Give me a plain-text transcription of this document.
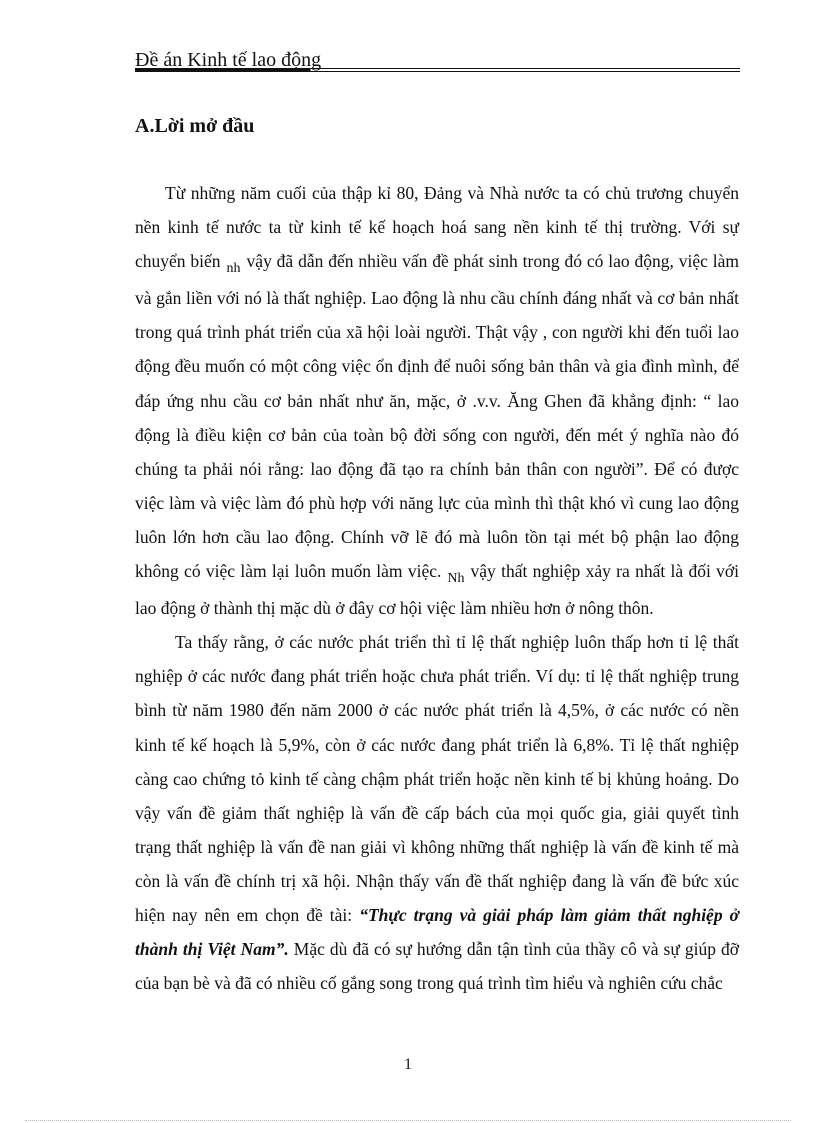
Đề án Kinh tế lao động
A.Lời mở đầu

Từ những năm cuối của thập kỉ 80, Đảng và Nhà nước ta có chủ trương chuyển nền kinh tế nước ta từ kinh tế kế hoạch hoá sang nền kinh tế thị trường. Với sự chuyển biến $_{nh}$ vậy đã dẫn đến nhiều vấn đề phát sinh trong đó có lao động, việc làm và gắn liền với nó là thất nghiệp. Lao động là nhu cầu chính đáng nhất và cơ bản nhất trong quá trình phát triển của xã hội loài người. Thật vậy , con người khi đến tuổi lao động đều muốn có một công việc ổn định để nuôi sống bản thân và gia đình mình, để đáp ứng nhu cầu cơ bản nhất như ăn, mặc, ở .v.v. Ăng Ghen đã khẳng định: “ lao động là điều kiện cơ bản của toàn bộ đời sống con người, đến mét ý nghĩa nào đó chúng ta phải nói rằng: lao động đã tạo ra chính bản thân con người”. Để có được việc làm và việc làm đó phù hợp với năng lực của mình thì thật khó vì cung lao động luôn lớn hơn cầu lao động. Chính vỡ lẽ đó mà luôn tồn tại mét bộ phận lao động không có việc làm lại luôn muốn làm việc. $_{Nh}$ vậy thất nghiệp xảy ra nhất là đối với lao động ở thành thị mặc dù ở đây cơ hội việc làm nhiều hơn ở nông thôn.

Ta thấy rằng, ở các nước phát triển thì tỉ lệ thất nghiệp luôn thấp hơn tỉ lệ thất nghiệp ở các nước đang phát triển hoặc chưa phát triển. Ví dụ: tỉ lệ thất nghiệp trung bình từ năm 1980 đến năm 2000 ở các nước phát triển là 4,5%, ở các nước có nền kinh tế kế hoạch là 5,9%, còn ở các nước đang phát triển là 6,8%. Tỉ lệ thất nghiệp càng cao chứng tỏ kinh tế càng chậm phát triển hoặc nền kinh tế bị khủng hoảng. Do vậy vấn đề giảm thất nghiệp là vấn đề cấp bách của mọi quốc gia, giải quyết tình trạng thất nghiệp là vấn đề nan giải vì không những thất nghiệp là vấn đề kinh tế mà còn là vấn đề chính trị xã hội. Nhận thấy vấn đề thất nghiệp đang là vấn đề bức xúc hiện nay nên em chọn đề tài: “Thực trạng và giải pháp làm giảm thất nghiệp ở thành thị Việt Nam”. Mặc dù đã có sự hướng dẫn tận tình của thầy cô và sự giúp đỡ của bạn bè và đã có nhiều cố gắng song trong quá trình tìm hiểu và nghiên cứu chắc

1
